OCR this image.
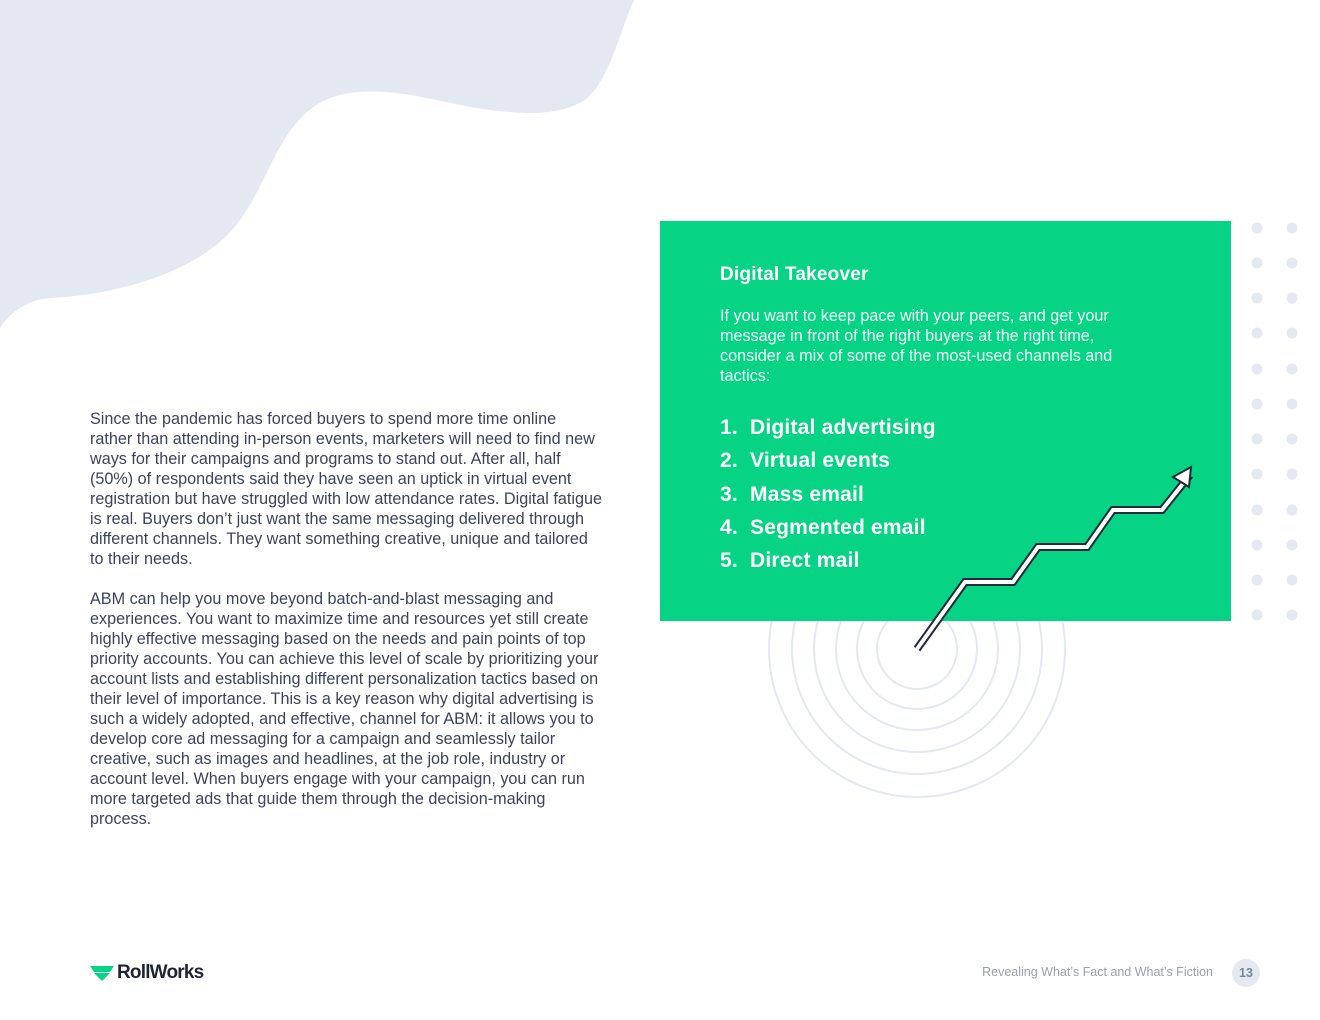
Since the pandemic has forced buyers to spend more time online rather than attending in-person events, marketers will need to find new ways for their campaigns and programs to stand out. After all, half (50%) of respondents said they have seen an uptick in virtual event registration but have struggled with low attendance rates. Digital fatigue is real. Buyers don’t just want the same messaging delivered through different channels. They want something creative, unique and tailored to their needs.

ABM can help you move beyond batch-and-blast messaging and experiences. You want to maximize time and resources yet still create highly effective messaging based on the needs and pain points of top priority accounts. You can achieve this level of scale by prioritizing your account lists and establishing different personalization tactics based on their level of importance. This is a key reason why digital advertising is such a widely adopted, and effective, channel for ABM: it allows you to develop core ad messaging for a campaign and seamlessly tailor creative, such as images and headlines, at the job role, industry or account level. When buyers engage with your campaign, you can run more targeted ads that guide them through the decision-making process.

Digital Takeover

If you want to keep pace with your peers, and get your message in front of the right buyers at the right time, consider a mix of some of the most-used channels and tactics:

1. Digital advertising
2. Virtual events
3. Mass email
4. Segmented email
5. Direct mail
RollWorks	Revealing What’s Fact and What’s Fiction	13
